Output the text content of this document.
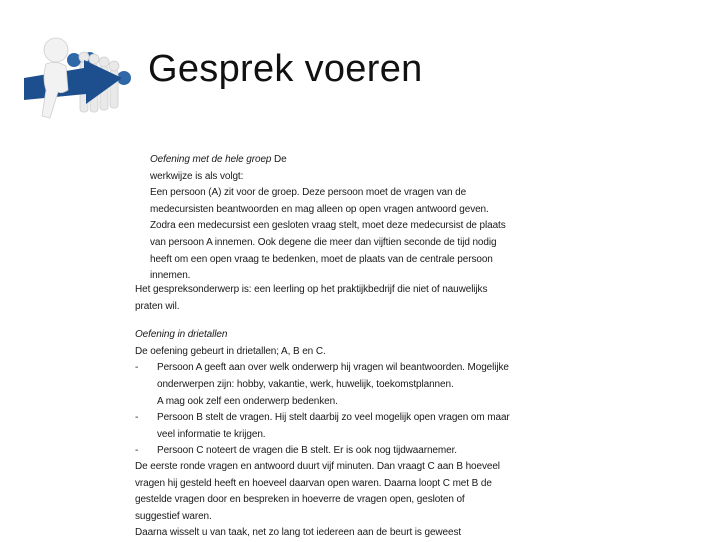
Gesprek voeren
Oefening met de hele groep De
werkwijze is als volgt:
Een persoon (A) zit voor de groep. Deze persoon moet de vragen van de
medecursisten beantwoorden en mag alleen op open vragen antwoord geven.
Zodra een medecursist een gesloten vraag stelt, moet deze medecursist de plaats
van persoon A innemen. Ook degene die meer dan vijftien seconde de tijd nodig
heeft om een open vraag te bedenken, moet de plaats van de centrale persoon
innemen.
Het gespreksonderwerp is: een leerling op het praktijkbedrijf die niet of nauwelijks
praten wil.
Oefening in drietallen
De oefening gebeurt in drietallen; A, B en C.
-	Persoon A geeft aan over welk onderwerp hij vragen wil beantwoorden. Mogelijke
onderwerpen zijn: hobby, vakantie, werk, huwelijk, toekomstplannen.
A mag ook zelf een onderwerp bedenken.
-	Persoon B stelt de vragen. Hij stelt daarbij zo veel mogelijk open vragen om maar
veel informatie te krijgen.
-	Persoon C noteert de vragen die B stelt. Er is ook nog tijdwaarnemer.
De eerste ronde vragen en antwoord duurt vijf minuten. Dan vraagt C aan B hoeveel
vragen hij gesteld heeft en hoeveel daarvan open waren. Daarna loopt C met B de
gestelde vragen door en bespreken in hoeverre de vragen open, gesloten of
suggestief waren.
Daarna wisselt u van taak, net zo lang tot iedereen aan de beurt is geweest
